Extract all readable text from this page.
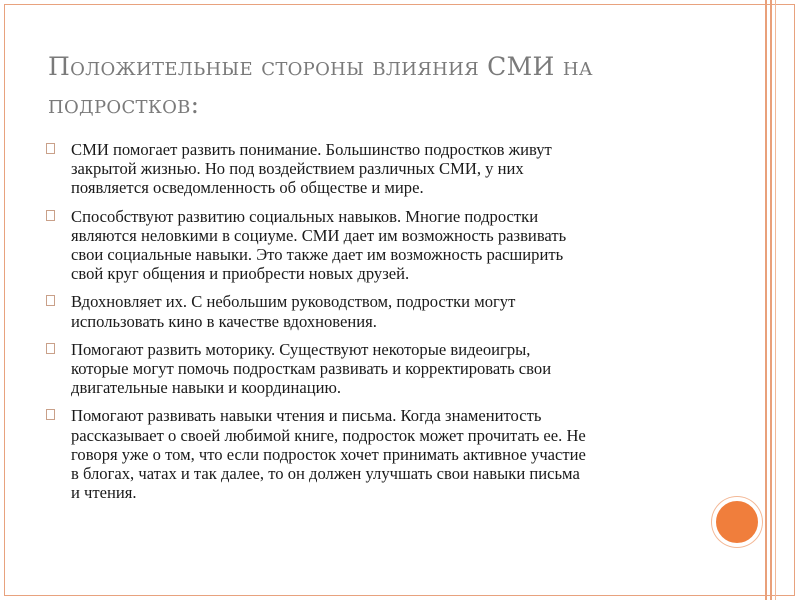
Положительные стороны влияния СМИ на
подростков:
СМИ помогает развить понимание. Большинство подростков живут
закрытой жизнью. Но под воздействием различных СМИ, у них
появляется осведомленность об обществе и мире.
Способствуют развитию социальных навыков. Многие подростки
являются неловкими в социуме. СМИ дает им возможность развивать
свои социальные навыки. Это также дает им возможность расширить
свой круг общения и приобрести новых друзей.
Вдохновляет их. С небольшим руководством, подростки могут
использовать кино в качестве вдохновения.
Помогают развить моторику. Существуют некоторые видеоигры,
которые могут помочь подросткам развивать и корректировать свои
двигательные навыки и координацию.
Помогают развивать навыки чтения и письма. Когда знаменитость
рассказывает о своей любимой книге, подросток может прочитать ее. Не
говоря уже о том, что если подросток хочет принимать активное участие
в блогах, чатах и так далее, то он должен улучшать свои навыки письма
и чтения.
